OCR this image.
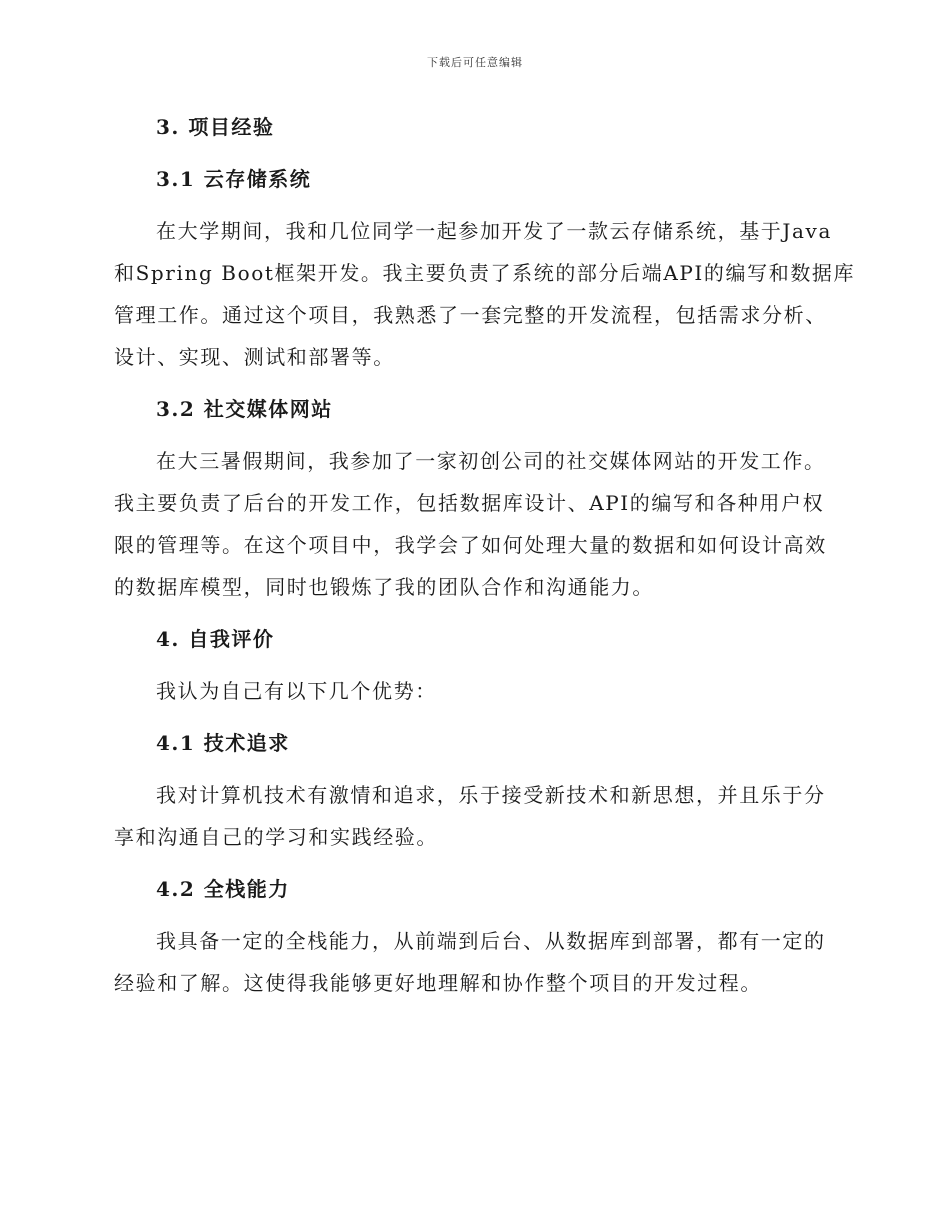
下载后可任意编辑
3. 项目经验
3.1 云存储系统
在大学期间，我和几位同学一起参加开发了一款云存储系统，基于Java
和Spring Boot框架开发。我主要负责了系统的部分后端API的编写和数据库
管理工作。通过这个项目，我熟悉了一套完整的开发流程，包括需求分析、
设计、实现、测试和部署等。
3.2 社交媒体网站
在大三暑假期间，我参加了一家初创公司的社交媒体网站的开发工作。
我主要负责了后台的开发工作，包括数据库设计、API的编写和各种用户权
限的管理等。在这个项目中，我学会了如何处理大量的数据和如何设计高效
的数据库模型，同时也锻炼了我的团队合作和沟通能力。
4. 自我评价
我认为自己有以下几个优势：
4.1 技术追求
我对计算机技术有激情和追求，乐于接受新技术和新思想，并且乐于分
享和沟通自己的学习和实践经验。
4.2 全栈能力
我具备一定的全栈能力，从前端到后台、从数据库到部署，都有一定的
经验和了解。这使得我能够更好地理解和协作整个项目的开发过程。
